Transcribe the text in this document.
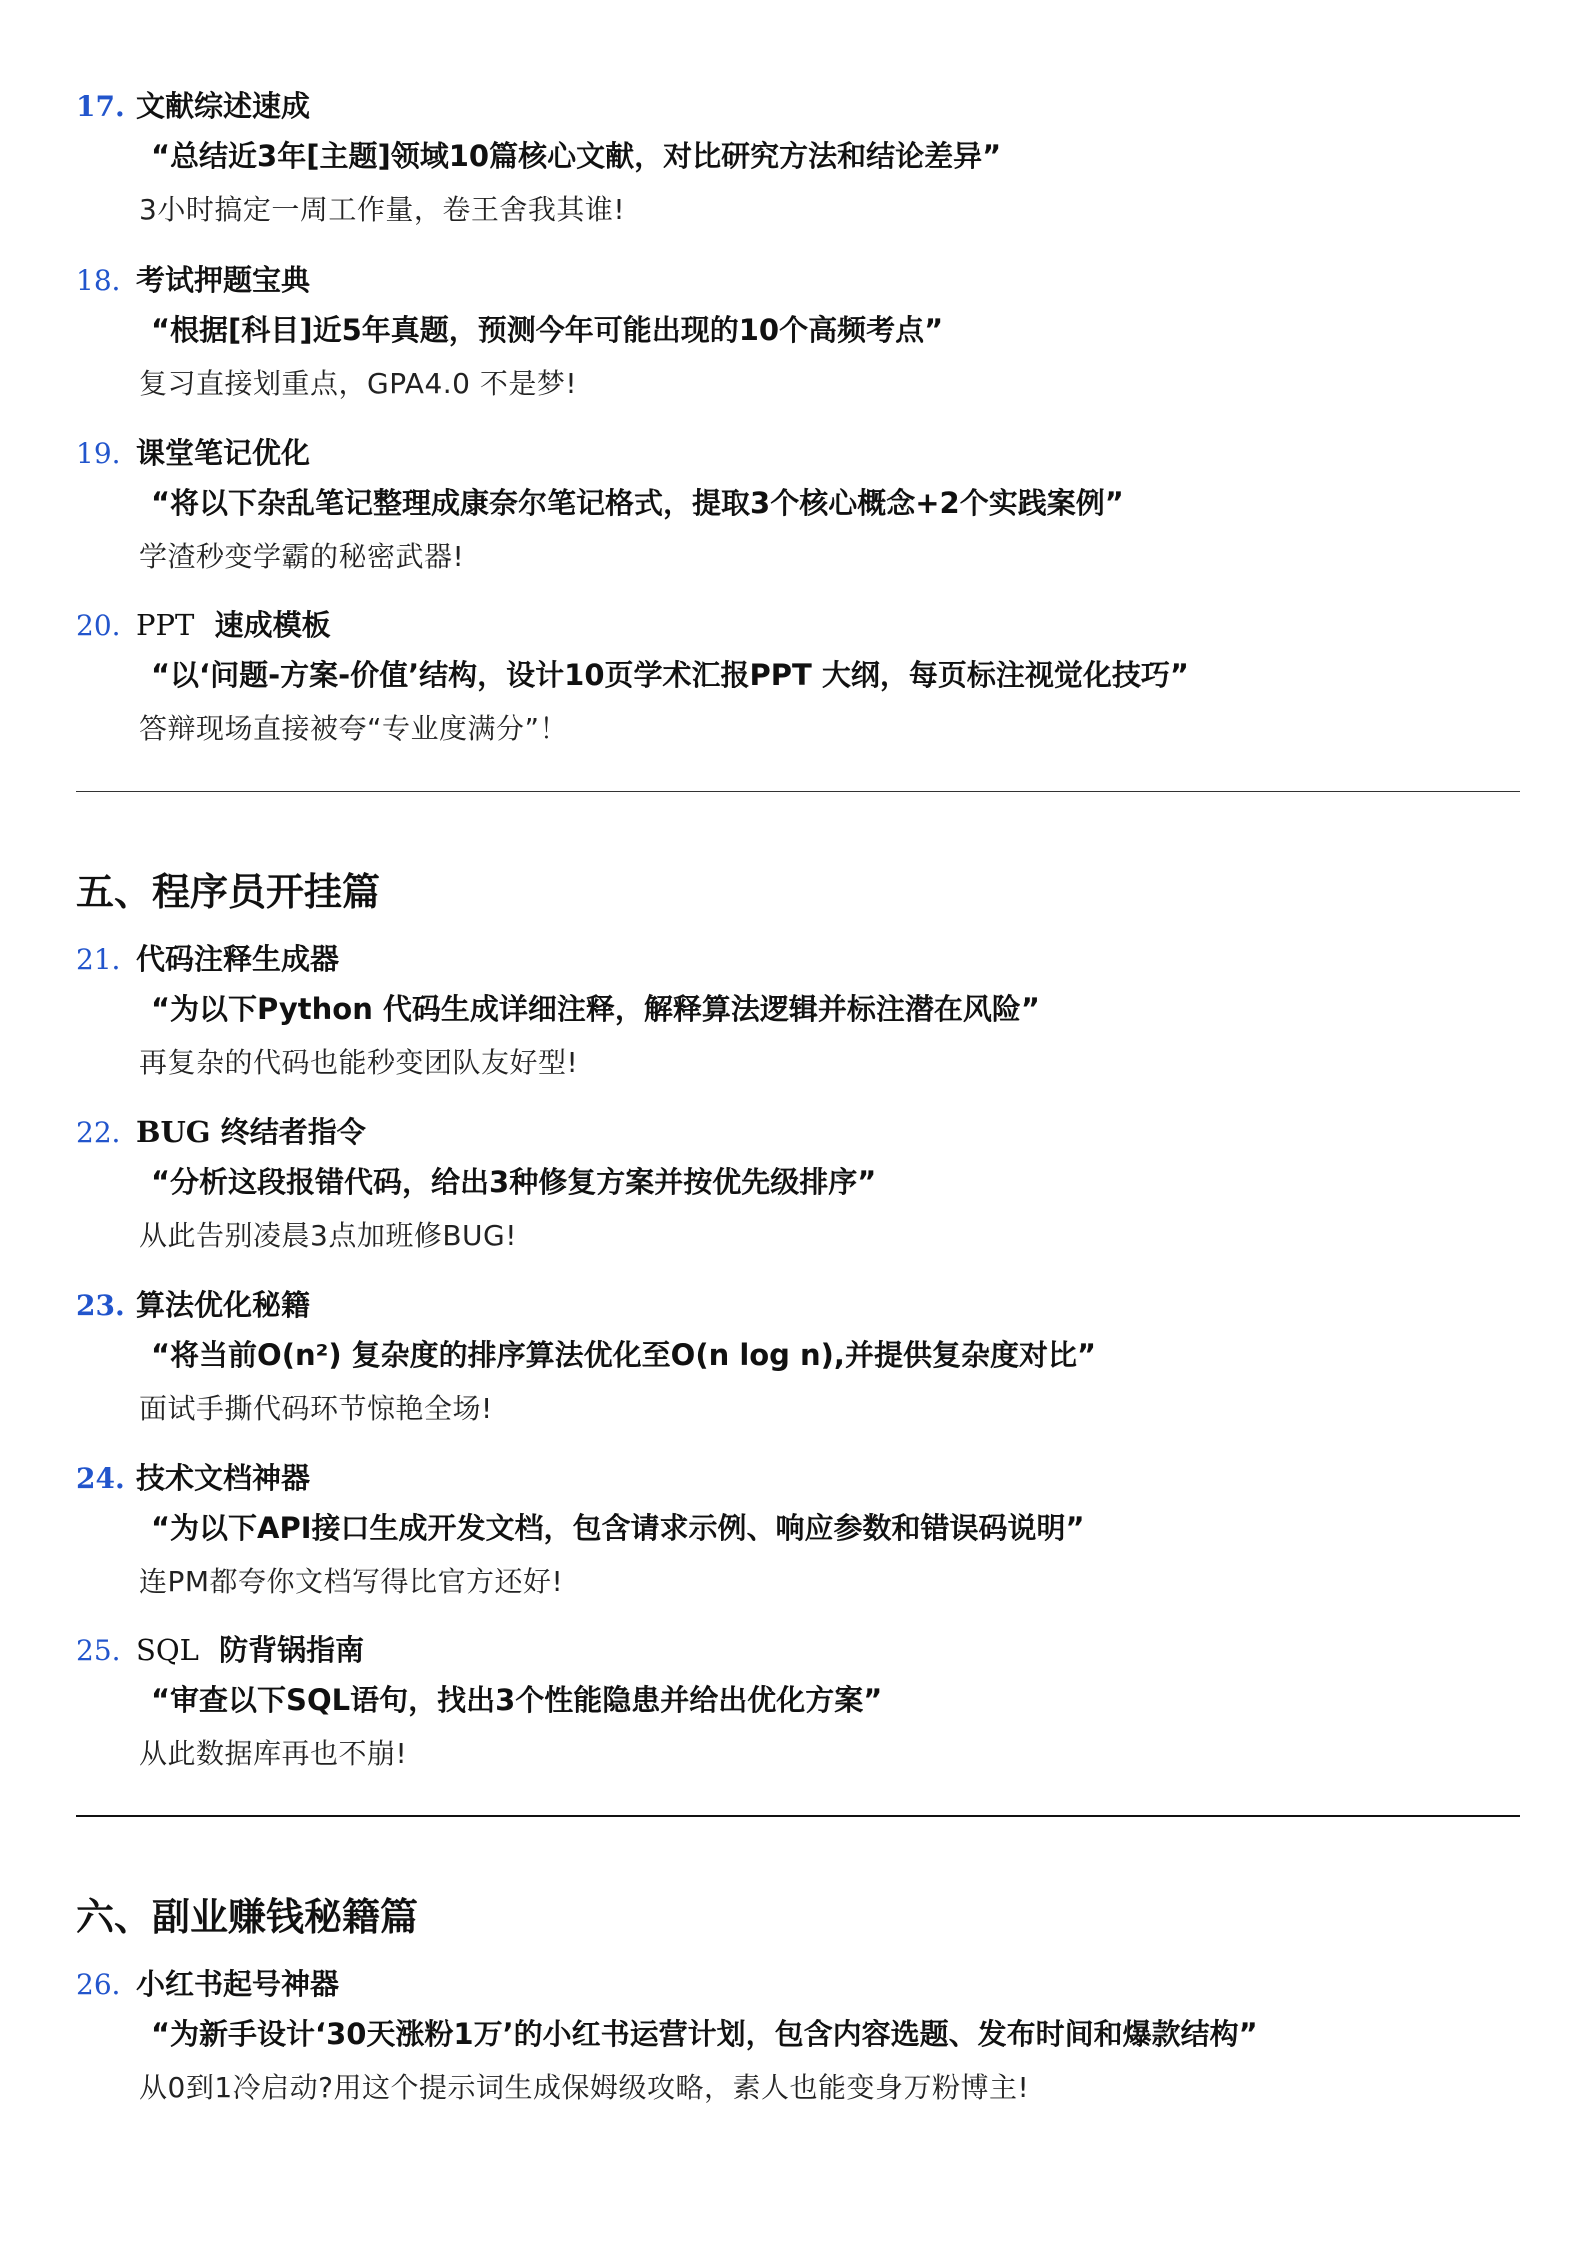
17. 文献综述速成
“总结近3年[主题]领域10篇核心文献，对比研究方法和结论差异”
3小时搞定一周工作量，卷王舍我其谁!
18．
考试押题宝典
“根据[科目]近5年真题，预测今年可能出现的10个高频考点”
复习直接划重点，GPA4.0 不是梦!
19. 课堂笔记优化
“将以下杂乱笔记整理成康奈尔笔记格式，提取3个核心概念+2个实践案例”
学渣秒变学霸的秘密武器!
20. PPT 速成模板
“以‘问题-方案-价值’结构，设计10页学术汇报PPT 大纲，每页标注视觉化技巧”
答辩现场直接被夸“专业度满分”！
五、程序员开挂篇
21．
代码注释生成器
“为以下Python 代码生成详细注释，解释算法逻辑并标注潜在风险”
再复杂的代码也能秒变团队友好型!
22．
BUG 终结者指令
“分析这段报错代码，给出3种修复方案并按优先级排序”
从此告别凌晨3点加班修BUG!
23. 算法优化秘籍
“将当前O(n²) 复杂度的排序算法优化至O(n log n),并提供复杂度对比”
面试手撕代码环节惊艳全场!
24. 技术文档神器
“为以下API接口生成开发文档，包含请求示例、响应参数和错误码说明”
连PM都夸你文档写得比官方还好!
25. SQL 防背锅指南
“审查以下SQL语句，找出3个性能隐患并给出优化方案”
从此数据库再也不崩!
六、副业赚钱秘籍篇
26．
小红书起号神器
“为新手设计‘30天涨粉1万’的小红书运营计划，包含内容选题、发布时间和爆款结构”
从0到1冷启动?用这个提示词生成保姆级攻略，素人也能变身万粉博主!
